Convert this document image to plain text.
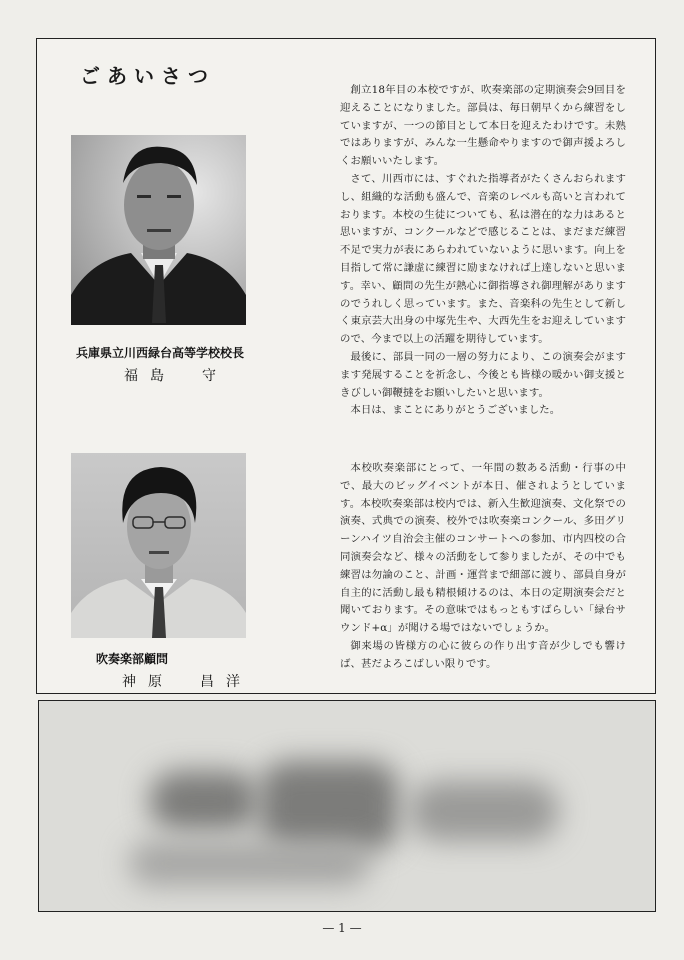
ごあいさつ
兵庫県立川西緑台高等学校校長
福島　守

創立18年目の本校ですが、吹奏楽部の定期演奏会9回目を迎えることになりました。部員は、毎日朝早くから練習をしていますが、一つの節目として本日を迎えたわけです。未熟ではありますが、みんな一生懸命やりますので御声援よろしくお願いいたします。

さて、川西市には、すぐれた指導者がたくさんおられますし、組織的な活動も盛んで、音楽のレベルも高いと言われております。本校の生徒についても、私は潜在的な力はあると思いますが、コンクールなどで感じることは、まだまだ練習不足で実力が表にあらわれていないように思います。向上を目指して常に謙虚に練習に励まなければ上達しないと思います。幸い、顧問の先生が熱心に御指導され御理解がありますのでうれしく思っています。また、音楽科の先生として新しく東京芸大出身の中塚先生や、大西先生をお迎えしていますので、今まで以上の活躍を期待しています。

最後に、部員一同の一層の努力により、この演奏会がますます発展することを祈念し、今後とも皆様の暖かい御支援ときびしい御鞭撻をお願いしたいと思います。

本日は、まことにありがとうございました。

吹奏楽部顧問
神原　昌洋

本校吹奏楽部にとって、一年間の数ある活動・行事の中で、最大のビッグイベントが本日、催されようとしています。本校吹奏楽部は校内では、新入生歓迎演奏、文化祭での演奏、式典での演奏、校外では吹奏楽コンクール、多田グリーンハイツ自治会主催のコンサートへの参加、市内四校の合同演奏会など、様々の活動をして参りましたが、その中でも練習は勿論のこと、計画・運営まで細部に渡り、部員自身が自主的に活動し最も精根傾けるのは、本日の定期演奏会だと聞いております。その意味ではもっともすばらしい「緑台サウンド+α」が聞ける場ではないでしょうか。

御来場の皆様方の心に彼らの作り出す音が少しでも響けば、甚だよろこばしい限りです。

— 1 —
